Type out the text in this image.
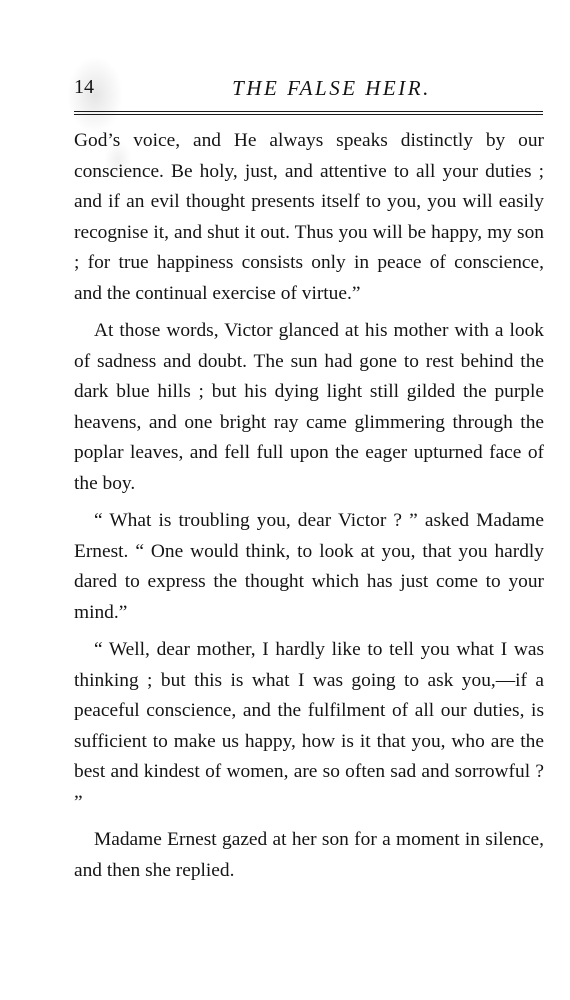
14	THE FALSE HEIR.

God’s voice, and He always speaks distinctly by our conscience. Be holy, just, and attentive to all your duties ; and if an evil thought presents itself to you, you will easily recognise it, and shut it out. Thus you will be happy, my son ; for true happiness consists only in peace of conscience, and the continual exercise of virtue.”

At those words, Victor glanced at his mother with a look of sadness and doubt. The sun had gone to rest behind the dark blue hills ; but his dying light still gilded the purple heavens, and one bright ray came glimmering through the poplar leaves, and fell full upon the eager upturned face of the boy.

“ What is troubling you, dear Victor ? ” asked Madame Ernest. “ One would think, to look at you, that you hardly dared to express the thought which has just come to your mind.”

“ Well, dear mother, I hardly like to tell you what I was thinking ; but this is what I was going to ask you,—if a peaceful conscience, and the fulfilment of all our duties, is sufficient to make us happy, how is it that you, who are the best and kindest of women, are so often sad and sorrowful ? ”

Madame Ernest gazed at her son for a moment in silence, and then she replied.
